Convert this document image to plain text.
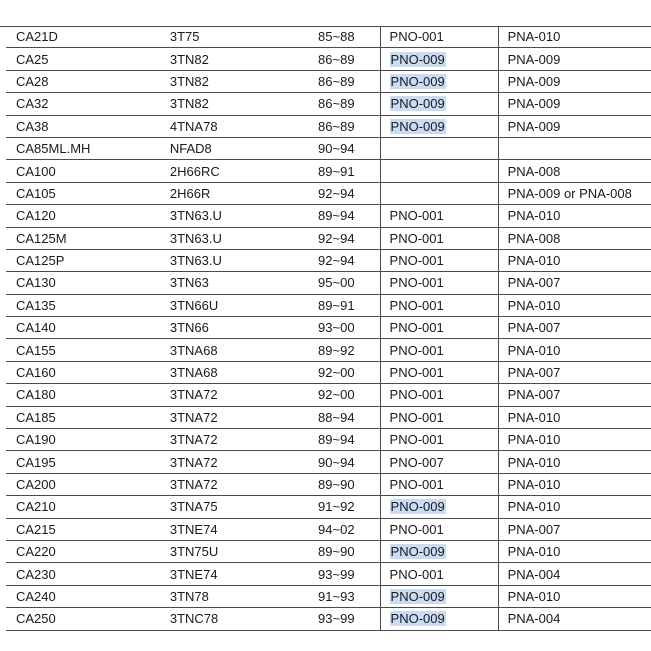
CA21D	3T75	85~88	PNO-001	PNA-010
CA25	3TN82	86~89	PNO-009	PNA-009
CA28	3TN82	86~89	PNO-009	PNA-009
CA32	3TN82	86~89	PNO-009	PNA-009
CA38	4TNA78	86~89	PNO-009	PNA-009
CA85ML.MH	NFAD8	90~94		
CA100	2H66RC	89~91		PNA-008
CA105	2H66R	92~94		PNA-009 or PNA-008
CA120	3TN63.U	89~94	PNO-001	PNA-010
CA125M	3TN63.U	92~94	PNO-001	PNA-008
CA125P	3TN63.U	92~94	PNO-001	PNA-010
CA130	3TN63	95~00	PNO-001	PNA-007
CA135	3TN66U	89~91	PNO-001	PNA-010
CA140	3TN66	93~00	PNO-001	PNA-007
CA155	3TNA68	89~92	PNO-001	PNA-010
CA160	3TNA68	92~00	PNO-001	PNA-007
CA180	3TNA72	92~00	PNO-001	PNA-007
CA185	3TNA72	88~94	PNO-001	PNA-010
CA190	3TNA72	89~94	PNO-001	PNA-010
CA195	3TNA72	90~94	PNO-007	PNA-010
CA200	3TNA72	89~90	PNO-001	PNA-010
CA210	3TNA75	91~92	PNO-009	PNA-010
CA215	3TNE74	94~02	PNO-001	PNA-007
CA220	3TN75U	89~90	PNO-009	PNA-010
CA230	3TNE74	93~99	PNO-001	PNA-004
CA240	3TN78	91~93	PNO-009	PNA-010
CA250	3TNC78	93~99	PNO-009	PNA-004
